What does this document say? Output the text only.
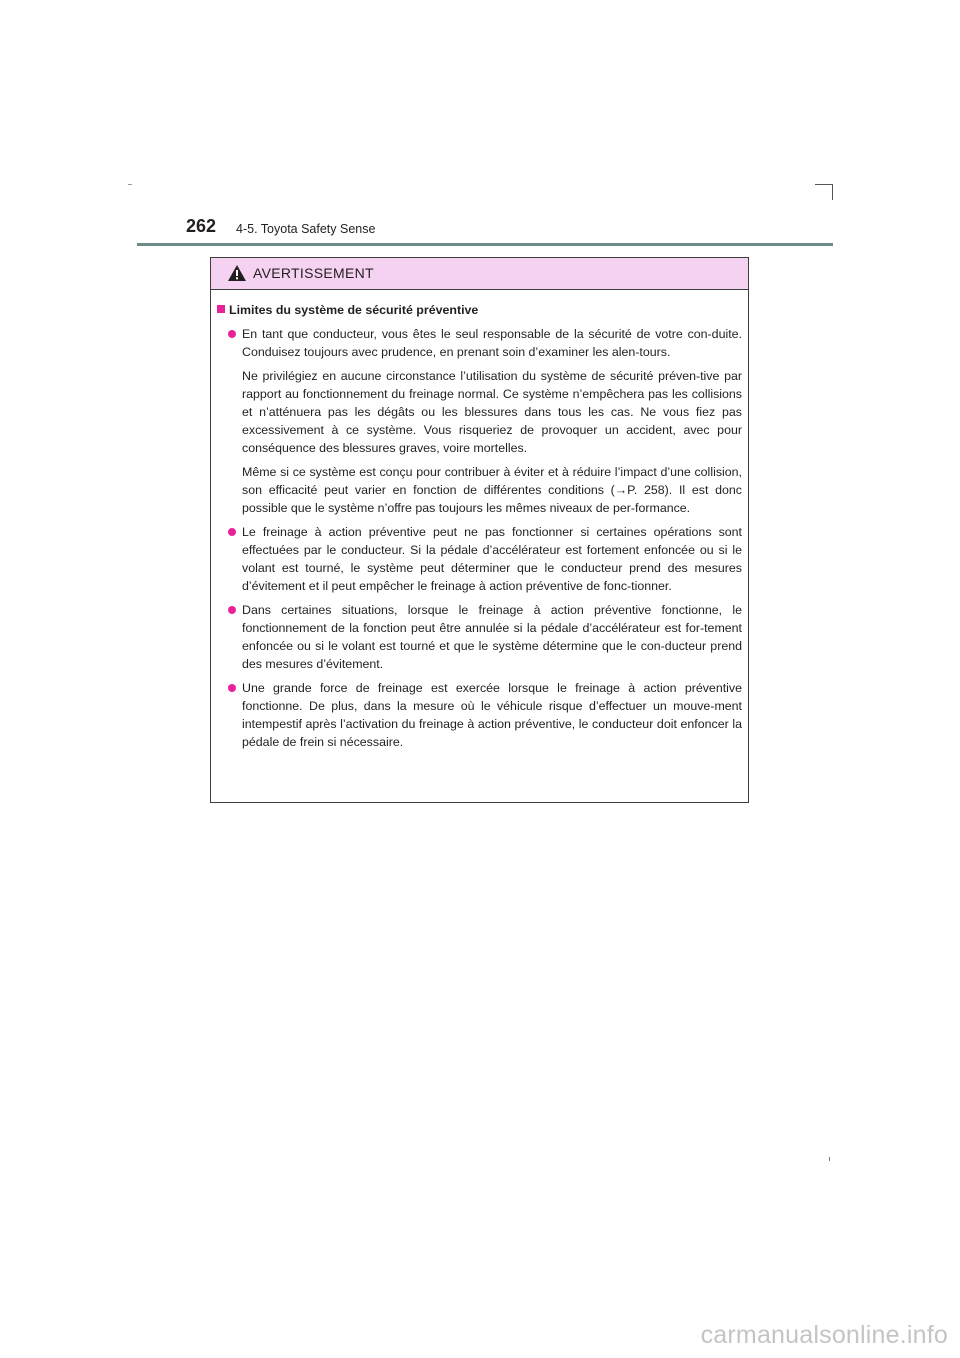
262 4-5. Toyota Safety Sense
AVERTISSEMENT
Limites du système de sécurité préventive

En tant que conducteur, vous êtes le seul responsable de la sécurité de votre con-duite. Conduisez toujours avec prudence, en prenant soin d’examiner les alen-tours.

Ne privilégiez en aucune circonstance l’utilisation du système de sécurité préven-tive par rapport au fonctionnement du freinage normal. Ce système n’empêchera pas les collisions et n’atténuera pas les dégâts ou les blessures dans tous les cas. Ne vous fiez pas excessivement à ce système. Vous risqueriez de provoquer un accident, avec pour conséquence des blessures graves, voire mortelles.

Même si ce système est conçu pour contribuer à éviter et à réduire l’impact d’une collision, son efficacité peut varier en fonction de différentes conditions (→P. 258). Il est donc possible que le système n’offre pas toujours les mêmes niveaux de per-formance.

Le freinage à action préventive peut ne pas fonctionner si certaines opérations sont effectuées par le conducteur. Si la pédale d’accélérateur est fortement enfoncée ou si le volant est tourné, le système peut déterminer que le conducteur prend des mesures d’évitement et il peut empêcher le freinage à action préventive de fonc-tionner.

Dans certaines situations, lorsque le freinage à action préventive fonctionne, le fonctionnement de la fonction peut être annulée si la pédale d’accélérateur est for-tement enfoncée ou si le volant est tourné et que le système détermine que le con-ducteur prend des mesures d’évitement.

Une grande force de freinage est exercée lorsque le freinage à action préventive fonctionne. De plus, dans la mesure où le véhicule risque d’effectuer un mouve-ment intempestif après l’activation du freinage à action préventive, le conducteur doit enfoncer la pédale de frein si nécessaire.

carmanualsonline.info
